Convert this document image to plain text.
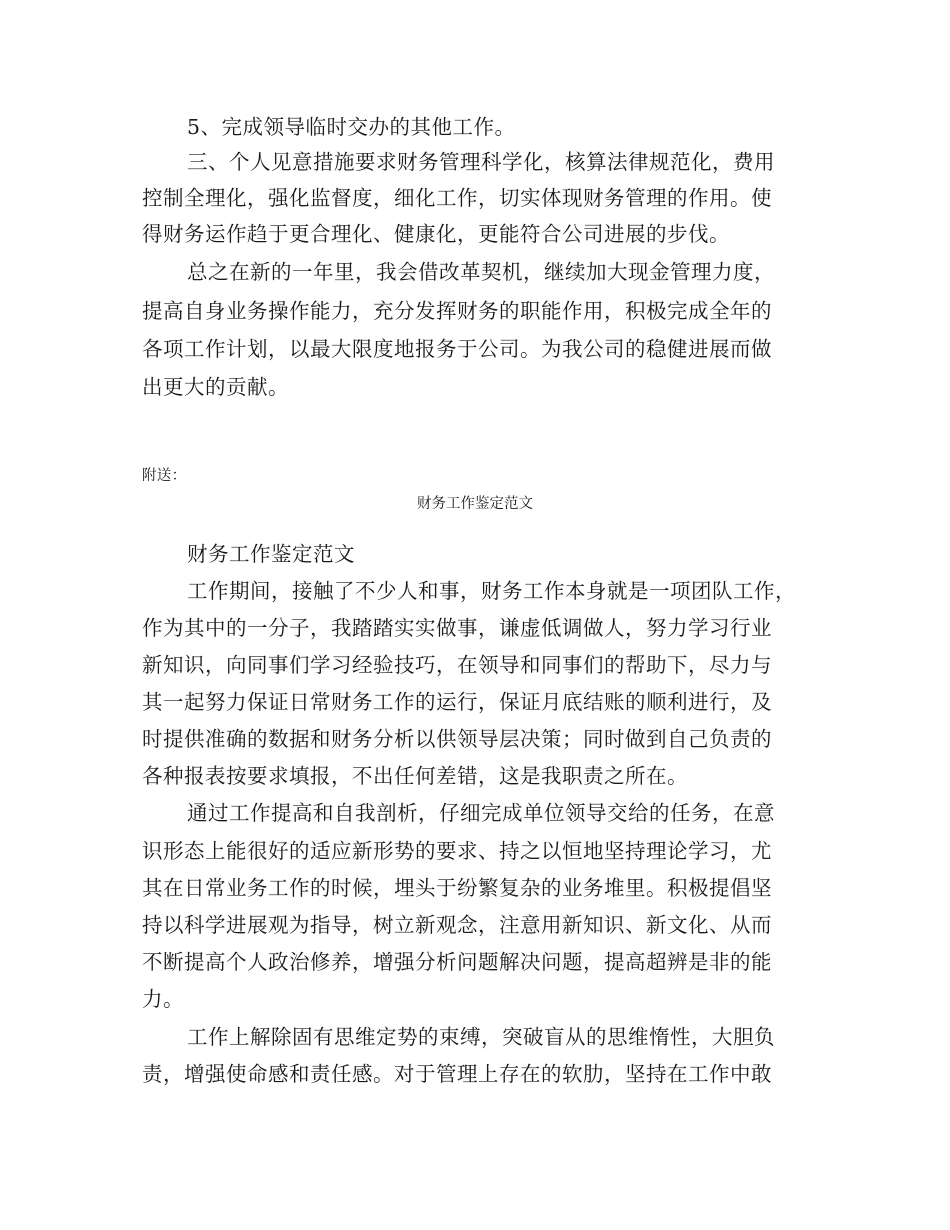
5、完成领导临时交办的其他工作。
三、个人见意措施要求财务管理科学化，核算法律规范化，费用
控制全理化，强化监督度，细化工作，切实体现财务管理的作用。使
得财务运作趋于更合理化、健康化，更能符合公司进展的步伐。
总之在新的一年里，我会借改革契机，继续加大现金管理力度，
提高自身业务操作能力，充分发挥财务的职能作用，积极完成全年的
各项工作计划，以最大限度地报务于公司。为我公司的稳健进展而做
出更大的贡献。
附送：
财务工作鉴定范文
财务工作鉴定范文
工作期间，接触了不少人和事，财务工作本身就是一项团队工作，
作为其中的一分子，我踏踏实实做事，谦虚低调做人，努力学习行业
新知识，向同事们学习经验技巧，在领导和同事们的帮助下，尽力与
其一起努力保证日常财务工作的运行，保证月底结账的顺利进行，及
时提供准确的数据和财务分析以供领导层决策；同时做到自己负责的
各种报表按要求填报，不出任何差错，这是我职责之所在。
通过工作提高和自我剖析，仔细完成单位领导交给的任务，在意
识形态上能很好的适应新形势的要求、持之以恒地坚持理论学习，尤
其在日常业务工作的时候，埋头于纷繁复杂的业务堆里。积极提倡坚
持以科学进展观为指导，树立新观念，注意用新知识、新文化、从而
不断提高个人政治修养，增强分析问题解决问题，提高超辨是非的能
力。
工作上解除固有思维定势的束缚，突破盲从的思维惰性，大胆负
责，增强使命感和责任感。对于管理上存在的软肋，坚持在工作中敢
